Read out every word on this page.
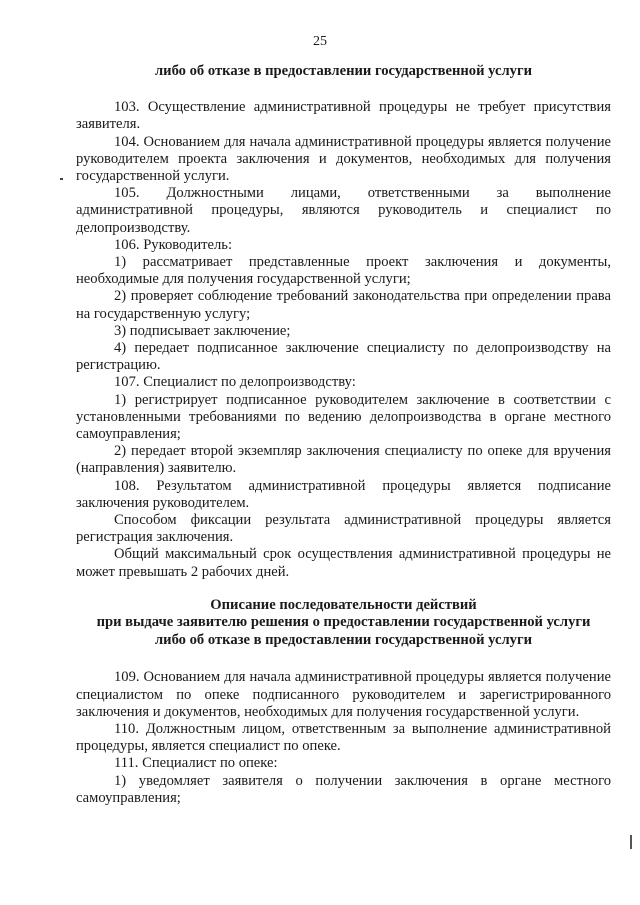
25
либо об отказе в предоставлении государственной услуги

103. Осуществление административной процедуры не требует присутствия заявителя.

104. Основанием для начала административной процедуры является получение руководителем проекта заключения и документов, необходимых для получения государственной услуги.

105. Должностными лицами, ответственными за выполнение административной процедуры, являются руководитель и специалист по делопроизводству.

106. Руководитель:

1) рассматривает представленные проект заключения и документы, необходимые для получения государственной услуги;

2) проверяет соблюдение требований законодательства при определении права на государственную услугу;

3) подписывает заключение;

4) передает подписанное заключение специалисту по делопроизводству на регистрацию.

107. Специалист по делопроизводству:

1) регистрирует подписанное руководителем заключение в соответствии с установленными требованиями по ведению делопроизводства в органе местного самоуправления;

2) передает второй экземпляр заключения специалисту по опеке для вручения (направления) заявителю.

108. Результатом административной процедуры является подписание заключения руководителем.

Способом фиксации результата административной процедуры является регистрация заключения.

Общий максимальный срок осуществления административной процедуры не может превышать 2 рабочих дней.

Описание последовательности действий
при выдаче заявителю решения о предоставлении государственной услуги
либо об отказе в предоставлении государственной услуги

109. Основанием для начала административной процедуры является получение специалистом по опеке подписанного руководителем и зарегистрированного заключения и документов, необходимых для получения государственной услуги.

110. Должностным лицом, ответственным за выполнение административной процедуры, является специалист по опеке.

111. Специалист по опеке:

1) уведомляет заявителя о получении заключения в органе местного самоуправления;
